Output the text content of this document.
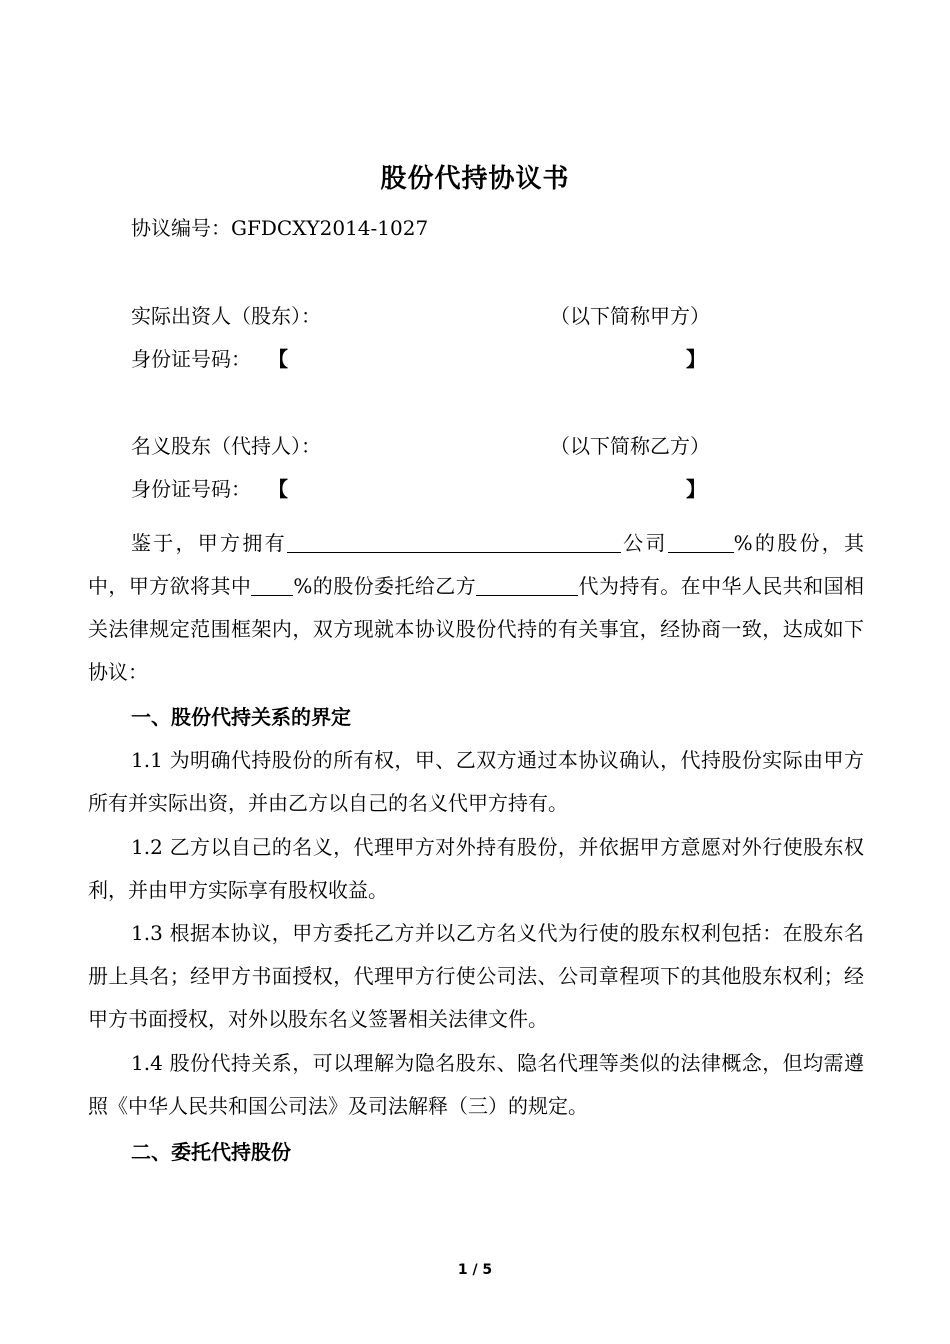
股份代持协议书
协议编号：GFDCXY2014-1027
实际出资人（股东）：	（以下简称甲方）
身份证号码： 【	】
名义股东（代持人）：	（以下简称乙方）
身份证号码： 【	】
鉴于，甲方拥有	公司	%的股份，其中，甲方欲将其中 %的股份委托给乙方	代为持有。在中华人民共和国相关法律规定范围框架内，双方现就本协议股份代持的有关事宜，经协商一致，达成如下协议：
一、股份代持关系的界定
1.1 为明确代持股份的所有权，甲、乙双方通过本协议确认，代持股份实际由甲方所有并实际出资，并由乙方以自己的名义代甲方持有。
1.2 乙方以自己的名义，代理甲方对外持有股份，并依据甲方意愿对外行使股东权利，并由甲方实际享有股权收益。
1.3 根据本协议，甲方委托乙方并以乙方名义代为行使的股东权利包括：在股东名册上具名；经甲方书面授权，代理甲方行使公司法、公司章程项下的其他股东权利；经甲方书面授权，对外以股东名义签署相关法律文件。
1.4 股份代持关系，可以理解为隐名股东、隐名代理等类似的法律概念，但均需遵照《中华人民共和国公司法》及司法解释（三）的规定。
二、委托代持股份
1 / 5
